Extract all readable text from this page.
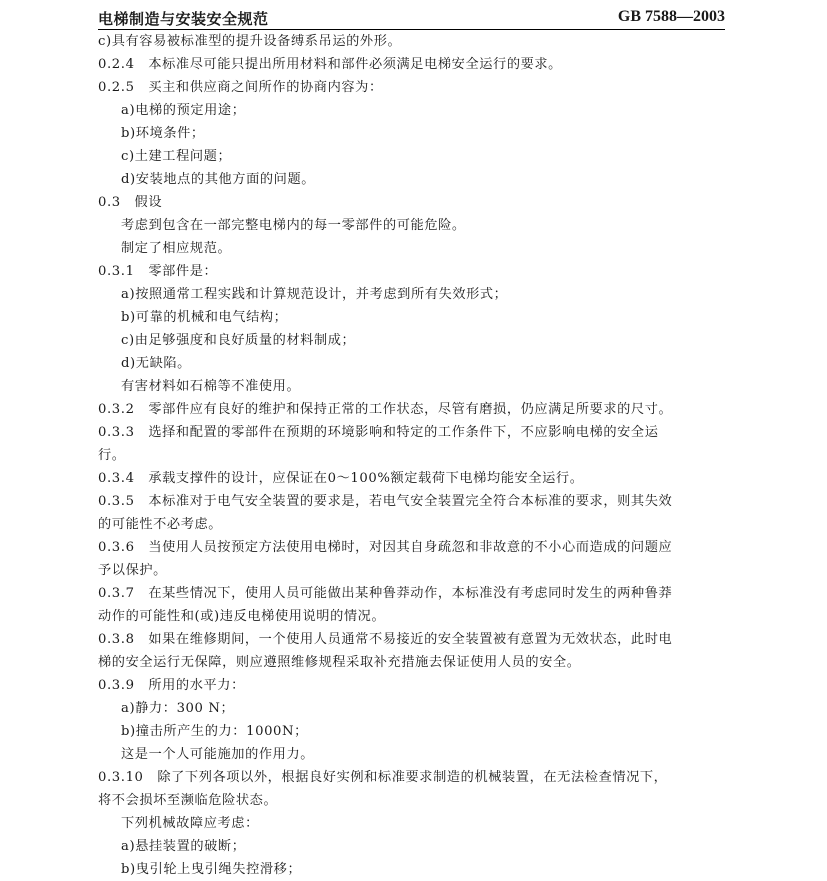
电梯制造与安装安全规范	GB 7588—2003
c)具有容易被标准型的提升设备缚系吊运的外形。
0.2.4　本标准尽可能只提出所用材料和部件必须满足电梯安全运行的要求。
0.2.5　买主和供应商之间所作的协商内容为：
a)电梯的预定用途；
b)环境条件；
c)土建工程问题；
d)安装地点的其他方面的问题。
0.3　假设
考虑到包含在一部完整电梯内的每一零部件的可能危险。
制定了相应规范。
0.3.1　零部件是：
a)按照通常工程实践和计算规范设计，并考虑到所有失效形式；
b)可靠的机械和电气结构；
c)由足够强度和良好质量的材料制成；
d)无缺陷。
有害材料如石棉等不准使用。
0.3.2　零部件应有良好的维护和保持正常的工作状态，尽管有磨损，仍应满足所要求的尺寸。
0.3.3　选择和配置的零部件在预期的环境影响和特定的工作条件下，不应影响电梯的安全运
行。
0.3.4　承载支撑件的设计，应保证在0～100%额定载荷下电梯均能安全运行。
0.3.5　本标准对于电气安全装置的要求是，若电气安全装置完全符合本标准的要求，则其失效
的可能性不必考虑。
0.3.6　当使用人员按预定方法使用电梯时，对因其自身疏忽和非故意的不小心而造成的问题应
予以保护。
0.3.7　在某些情况下，使用人员可能做出某种鲁莽动作，本标准没有考虑同时发生的两种鲁莽
动作的可能性和(或)违反电梯使用说明的情况。
0.3.8　如果在维修期间，一个使用人员通常不易接近的安全装置被有意置为无效状态，此时电
梯的安全运行无保障，则应遵照维修规程采取补充措施去保证使用人员的安全。
0.3.9　所用的水平力：
a)静力：300 N；
b)撞击所产生的力：1000N；
这是一个人可能施加的作用力。
0.3.10　除了下列各项以外，根据良好实例和标准要求制造的机械装置，在无法检查情况下，
将不会损坏至濒临危险状态。
下列机械故障应考虑：
a)悬挂装置的破断；
b)曳引轮上曳引绳失控滑移；
